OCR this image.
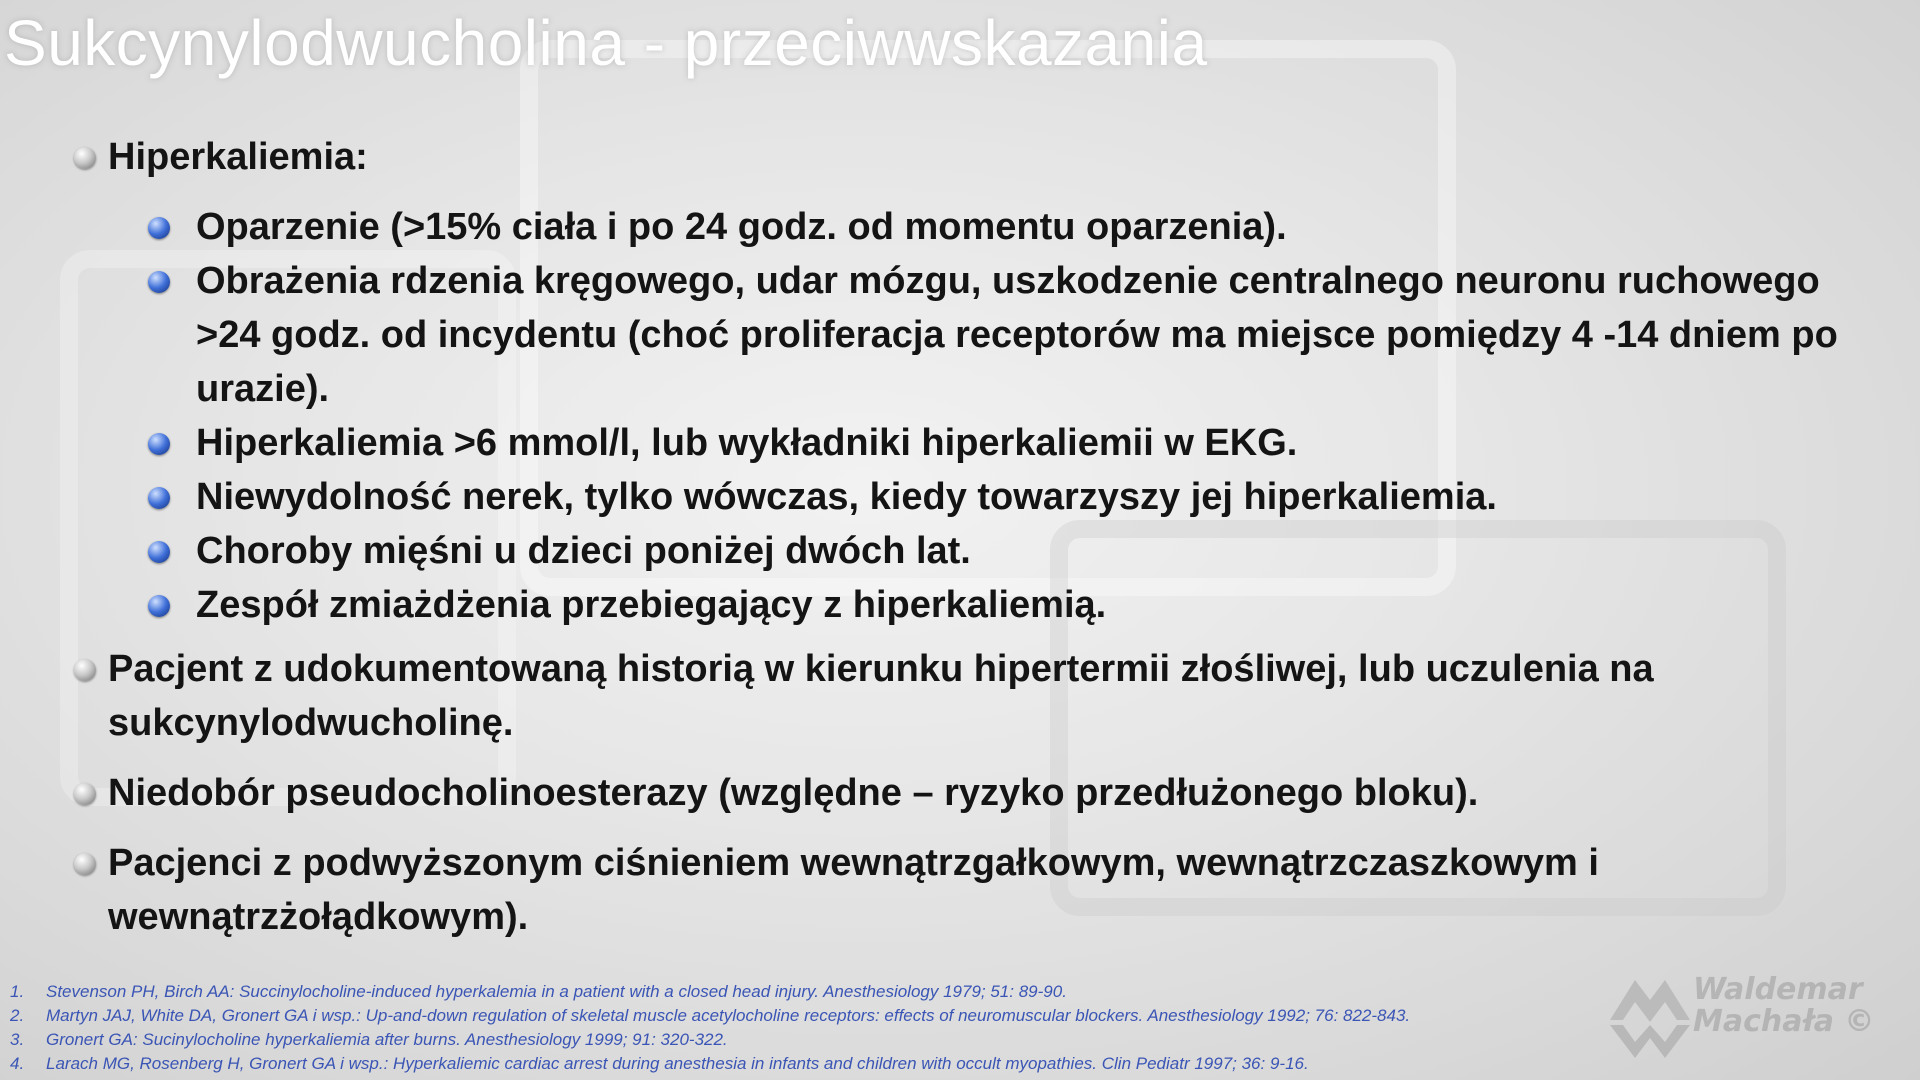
Sukcynylodwucholina - przeciwwskazania
Hiperkaliemia:
Oparzenie (>15% ciała i po 24 godz. od momentu oparzenia).
Obrażenia rdzenia kręgowego, udar mózgu, uszkodzenie centralnego neuronu ruchowego >24 godz. od incydentu (choć proliferacja receptorów ma miejsce pomiędzy 4 -14 dniem po urazie).
Hiperkaliemia >6 mmol/l, lub wykładniki hiperkaliemii w EKG.
Niewydolność nerek, tylko wówczas, kiedy towarzyszy jej hiperkaliemia.
Choroby mięśni u dzieci poniżej dwóch lat.
Zespół zmiażdżenia przebiegający z hiperkaliemią.
Pacjent z udokumentowaną historią w kierunku hipertermii złośliwej, lub uczulenia na sukcynylodwucholinę.
Niedobór pseudocholinoesterazy (względne – ryzyko przedłużonego bloku).
Pacjenci z podwyższonym ciśnieniem wewnątrzgałkowym, wewnątrzczaszkowym i wewnątrzżołądkowym).
1. Stevenson PH, Birch AA: Succinylocholine-induced hyperkalemia in a patient with a closed head injury. Anesthesiology 1979; 51: 89-90.
2. Martyn JAJ, White DA, Gronert GA i wsp.: Up-and-down regulation of skeletal muscle acetylocholine receptors: effects of neuromuscular blockers. Anesthesiology 1992; 76: 822-843.
3. Gronert GA: Sucinylocholine hyperkaliemia after burns. Anesthesiology 1999; 91: 320-322.
4. Larach MG, Rosenberg H, Gronert GA i wsp.: Hyperkaliemic cardiac arrest during anesthesia in infants and children with occult myopathies. Clin Pediatr 1997; 36: 9-16.
Waldemar
Machała ©
